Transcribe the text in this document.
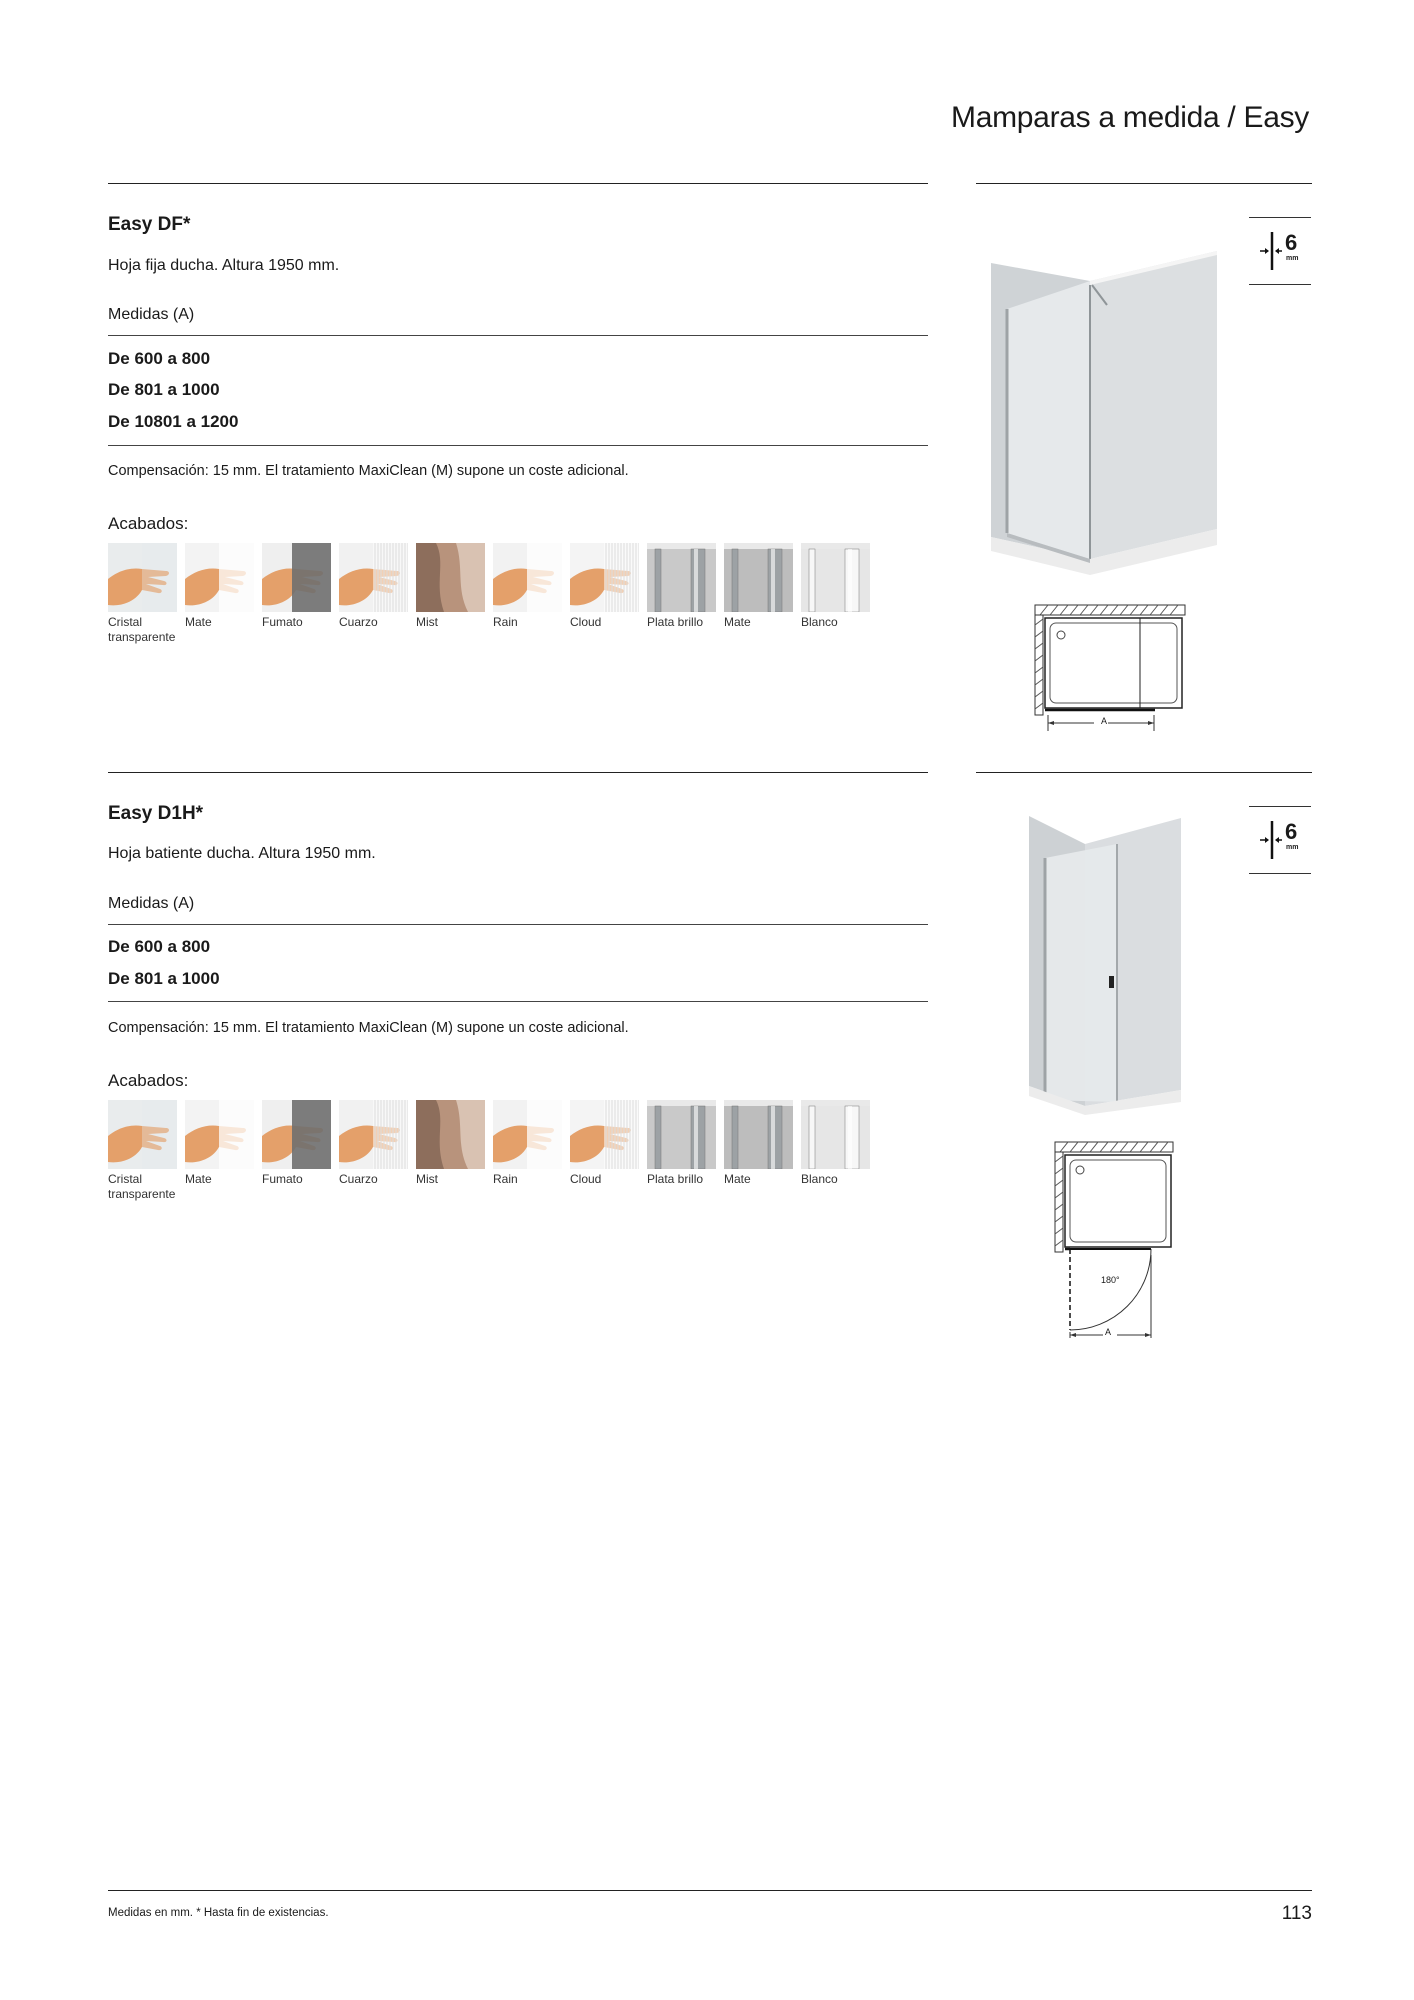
Mamparas a medida / Easy
Easy DF*
Hoja fija ducha. Altura 1950 mm.
Medidas (A)
De 600 a 800
De 801 a 1000
De 10801 a 1200
Compensación: 15 mm. El tratamiento MaxiClean (M) supone un coste adicional.
Acabados:
Cristal
transparente
Mate	Fumato	Cuarzo	Mist	Rain	Cloud	Plata brillo	Mate	Blanco
6
mm
A
Easy D1H*
Hoja batiente ducha. Altura 1950 mm.
Medidas (A)
De 600 a 800
De 801 a 1000
Compensación: 15 mm. El tratamiento MaxiClean (M) supone un coste adicional.
Acabados:
Cristal
transparente
Mate	Fumato	Cuarzo	Mist	Rain	Cloud	Plata brillo	Mate	Blanco
6
mm
180°
A
Medidas en mm. * Hasta fin de existencias.	113
